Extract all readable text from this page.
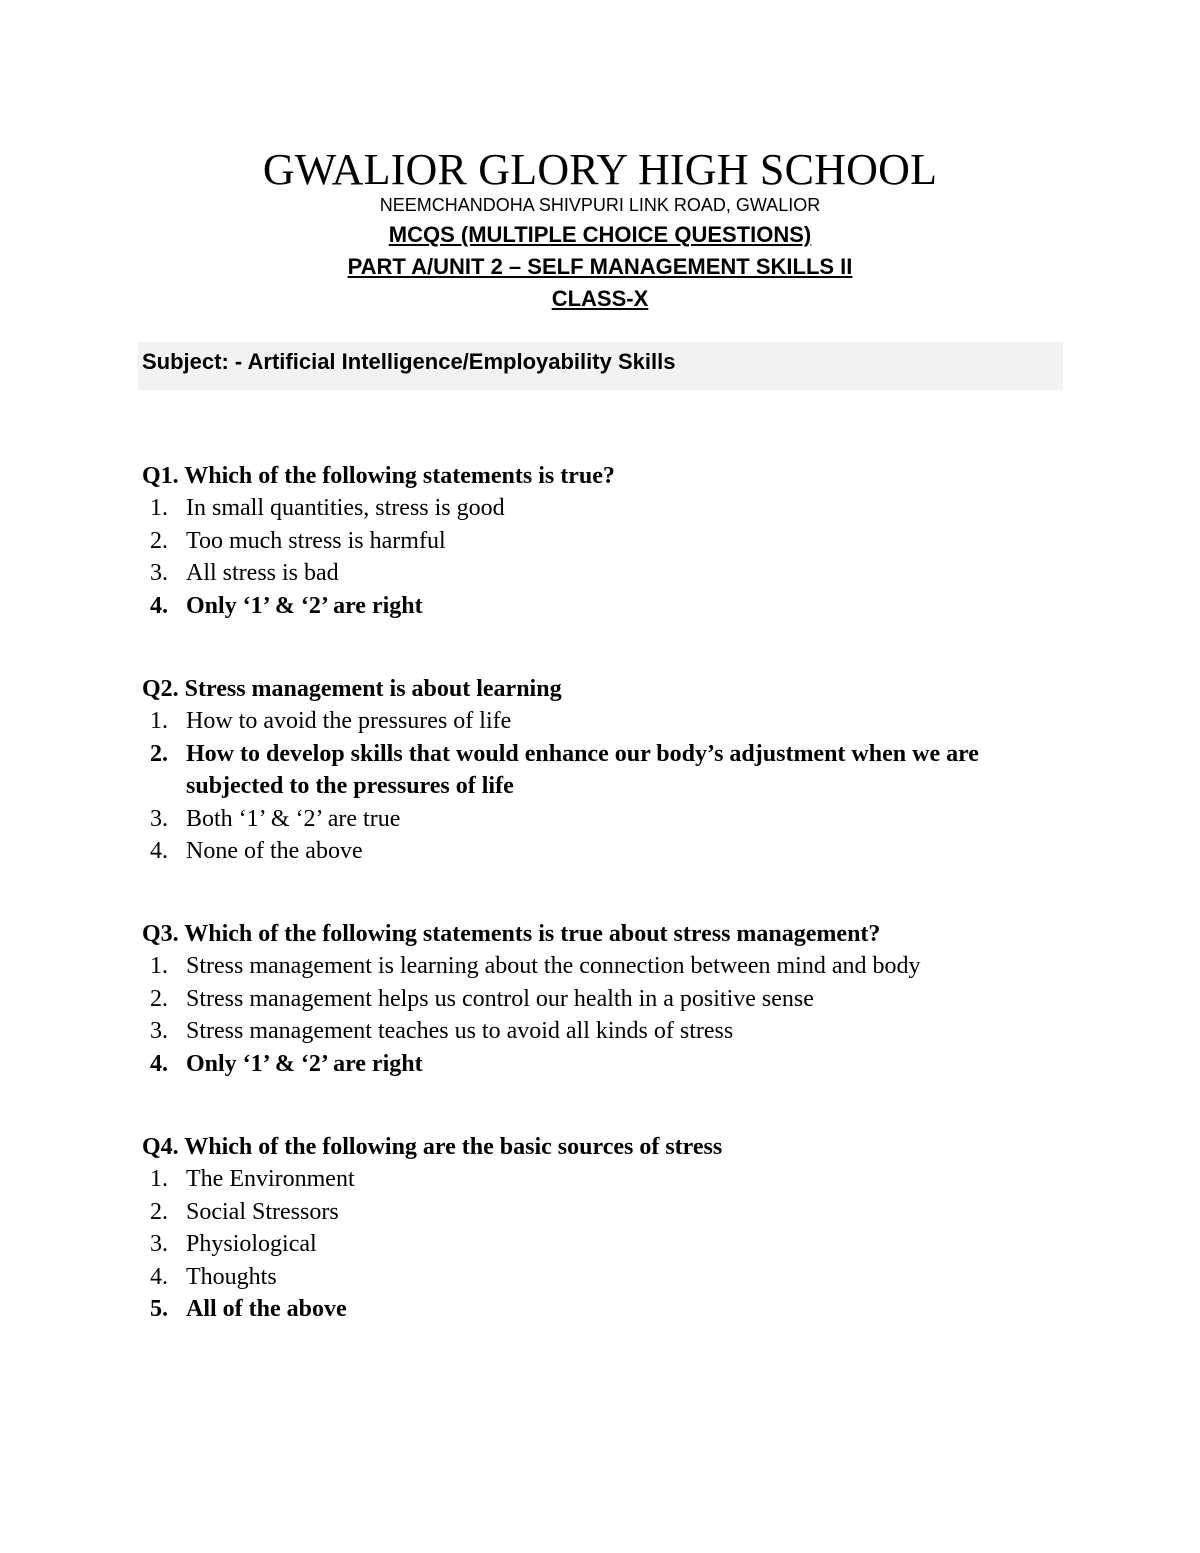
GWALIOR GLORY HIGH SCHOOL
NEEMCHANDOHA SHIVPURI LINK ROAD, GWALIOR
MCQS (MULTIPLE CHOICE QUESTIONS)
PART A/UNIT 2 – SELF MANAGEMENT SKILLS II
CLASS-X
Subject: - Artificial Intelligence/Employability Skills
Q1. Which of the following statements is true?
1. In small quantities, stress is good
2. Too much stress is harmful
3. All stress is bad
4. Only ‘1’ & ‘2’ are right
Q2. Stress management is about learning
1. How to avoid the pressures of life
2. How to develop skills that would enhance our body’s adjustment when we are subjected to the pressures of life
3. Both ‘1’ & ‘2’ are true
4. None of the above
Q3. Which of the following statements is true about stress management?
1. Stress management is learning about the connection between mind and body
2. Stress management helps us control our health in a positive sense
3. Stress management teaches us to avoid all kinds of stress
4. Only ‘1’ & ‘2’ are right
Q4. Which of the following are the basic sources of stress
1. The Environment
2. Social Stressors
3. Physiological
4. Thoughts
5. All of the above
